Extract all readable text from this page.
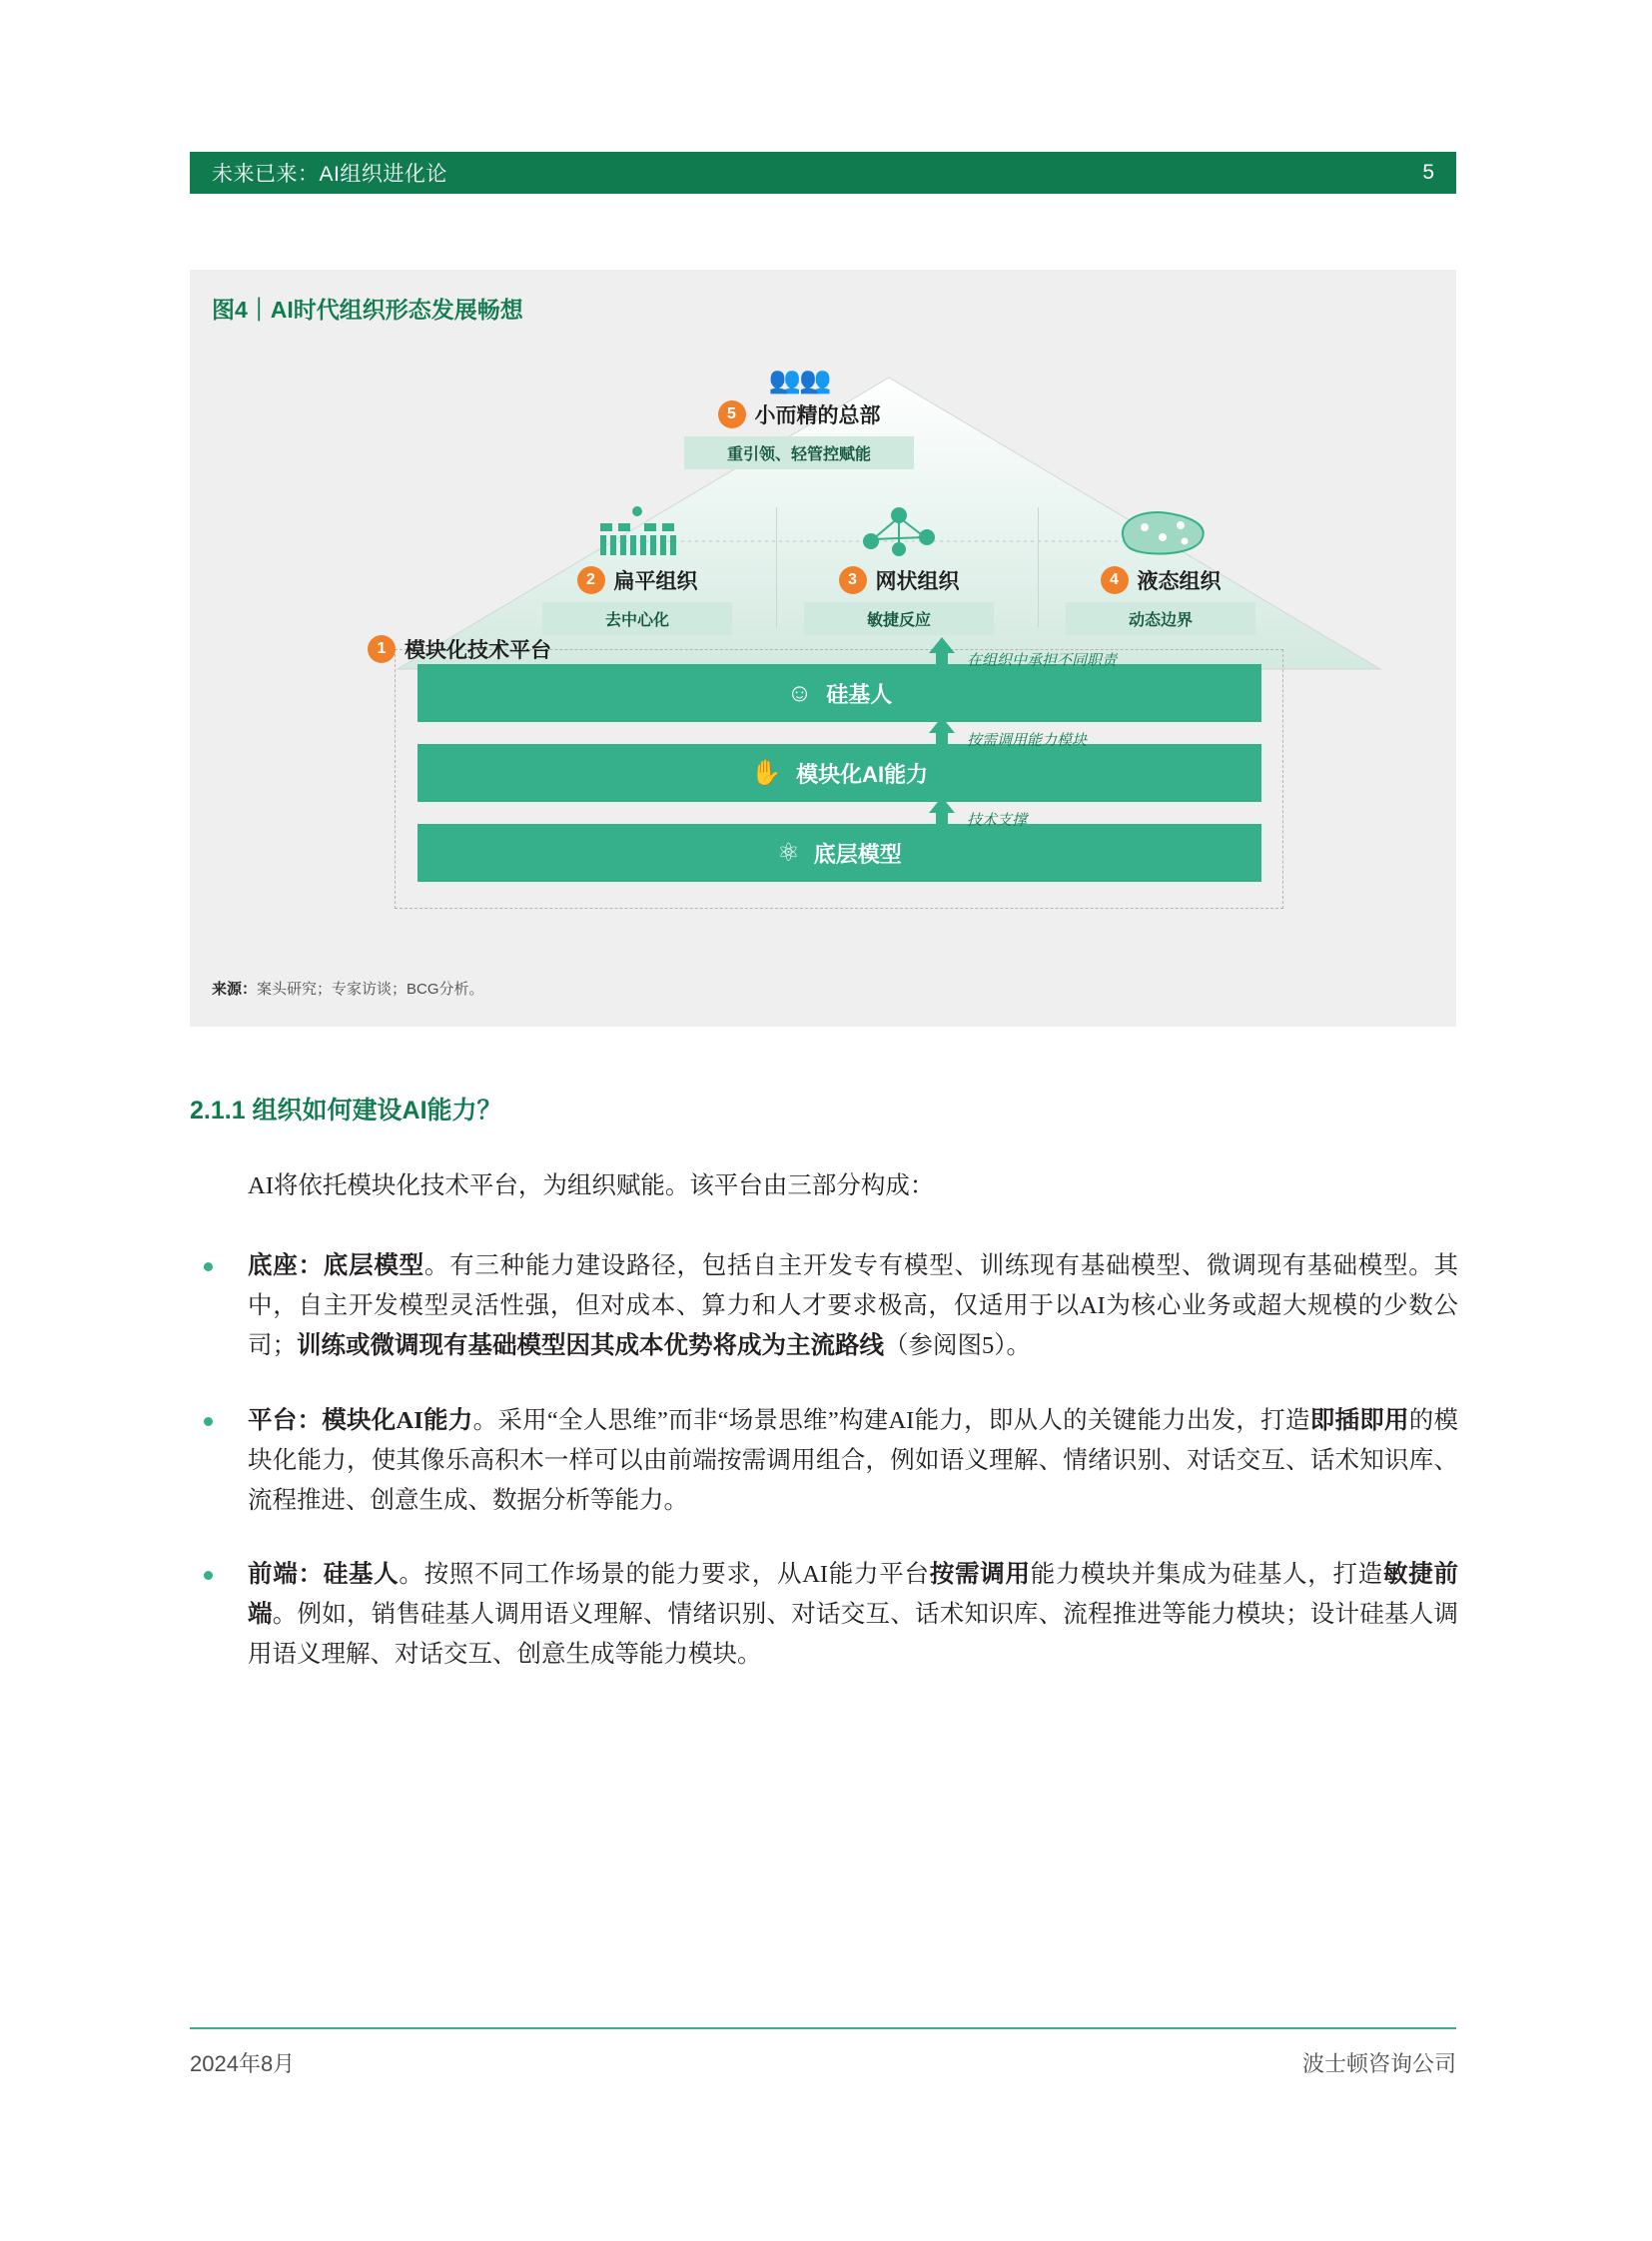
未来已来：AI组织进化论	5
图4｜AI时代组织形态发展畅想
👥👥
5 小而精的总部
重引领、轻管控赋能
2 扁平组织
去中心化
3 网状组织
敏捷反应
4 液态组织
动态边界
1 模块化技术平台
☺ 硅基人
✋ 模块化AI能力
⚛ 底层模型
在组织中承担不同职责
按需调用能力模块
技术支撑
来源：案头研究；专家访谈；BCG分析。
2.1.1 组织如何建设AI能力？
AI将依托模块化技术平台，为组织赋能。该平台由三部分构成：
底座：底层模型。有三种能力建设路径，包括自主开发专有模型、训练现有基础模型、微调现有基础模型。其中，自主开发模型灵活性强，但对成本、算力和人才要求极高，仅适用于以AI为核心业务或超大规模的少数公司；训练或微调现有基础模型因其成本优势将成为主流路线（参阅图5）。
平台：模块化AI能力。采用“全人思维”而非“场景思维”构建AI能力，即从人的关键能力出发，打造即插即用的模块化能力，使其像乐高积木一样可以由前端按需调用组合，例如语义理解、情绪识别、对话交互、话术知识库、流程推进、创意生成、数据分析等能力。
前端：硅基人。按照不同工作场景的能力要求，从AI能力平台按需调用能力模块并集成为硅基人，打造敏捷前端。例如，销售硅基人调用语义理解、情绪识别、对话交互、话术知识库、流程推进等能力模块；设计硅基人调用语义理解、对话交互、创意生成等能力模块。
2024年8月	波士顿咨询公司
